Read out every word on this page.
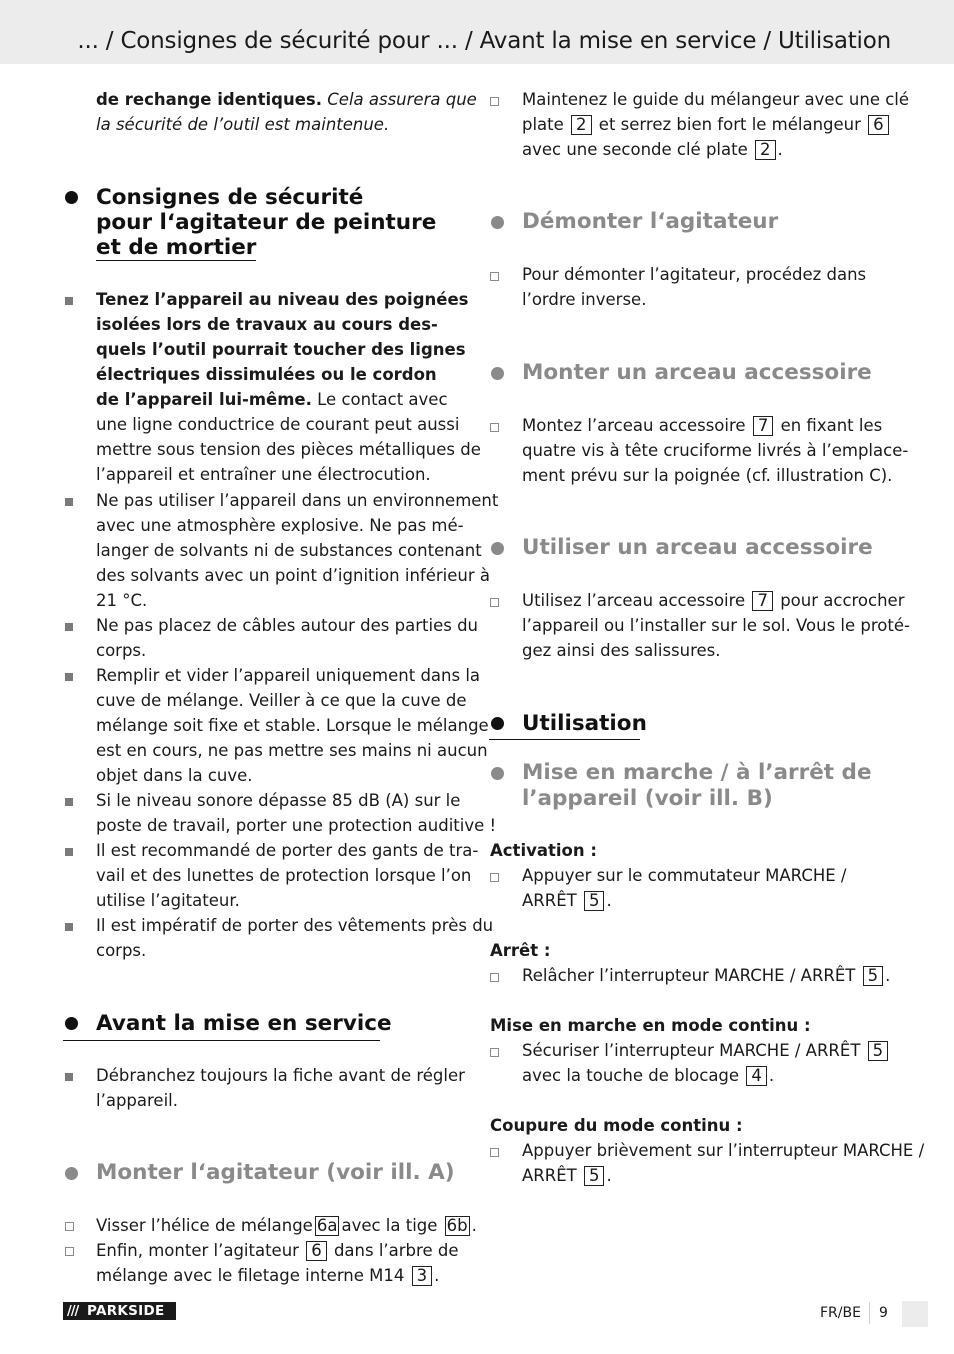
... / Consignes de sécurité pour ... / Avant la mise en service / Utilisation
de rechange identiques. Cela assurera que
la sécurité de l’outil est maintenue.
Consignes de sécurité
pour l‘agitateur de peinture
et de mortier
Tenez l’appareil au niveau des poignées
isolées lors de travaux au cours des-
quels l’outil pourrait toucher des lignes
électriques dissimulées ou le cordon
de l’appareil lui-même. Le contact avec
une ligne conductrice de courant peut aussi
mettre sous tension des pièces métalliques de
l’appareil et entraîner une électrocution.
Ne pas utiliser l’appareil dans un environnement
avec une atmosphère explosive. Ne pas mé-
langer de solvants ni de substances contenant
des solvants avec un point d’ignition inférieur à
21 °C.
Ne pas placez de câbles autour des parties du
corps.
Remplir et vider l’appareil uniquement dans la
cuve de mélange. Veiller à ce que la cuve de
mélange soit fixe et stable. Lorsque le mélange
est en cours, ne pas mettre ses mains ni aucun
objet dans la cuve.
Si le niveau sonore dépasse 85 dB (A) sur le
poste de travail, porter une protection auditive !
Il est recommandé de porter des gants de tra-
vail et des lunettes de protection lorsque l’on
utilise l’agitateur.
Il est impératif de porter des vêtements près du
corps.
Avant la mise en service
Débranchez toujours la fiche avant de régler
l’appareil.
Monter l‘agitateur (voir ill. A)
Visser l’hélice de mélange 6a avec la tige 6b .
Enfin, monter l’agitateur 6 dans l’arbre de
mélange avec le filetage interne M14 3 .
Maintenez le guide du mélangeur avec une clé
plate 2 et serrez bien fort le mélangeur 6
avec une seconde clé plate 2 .
Démonter l‘agitateur
Pour démonter l’agitateur, procédez dans
l’ordre inverse.
Monter un arceau accessoire
Montez l’arceau accessoire 7 en fixant les
quatre vis à tête cruciforme livrés à l’emplace-
ment prévu sur la poignée (cf. illustration C).
Utiliser un arceau accessoire
Utilisez l’arceau accessoire 7 pour accrocher
l’appareil ou l’installer sur le sol. Vous le proté-
gez ainsi des salissures.
Utilisation
Mise en marche / à l’arrêt de
l’appareil (voir ill. B)
Activation :
Appuyer sur le commutateur MARCHE /
ARRÊT 5 .
Arrêt :
Relâcher l’interrupteur MARCHE / ARRÊT 5 .
Mise en marche en mode continu :
Sécuriser l’interrupteur MARCHE / ARRÊT 5
avec la touche de blocage 4 .
Coupure du mode continu :
Appuyer brièvement sur l’interrupteur MARCHE /
ARRÊT 5 .
/// PARKSIDE	FR/BE 9
